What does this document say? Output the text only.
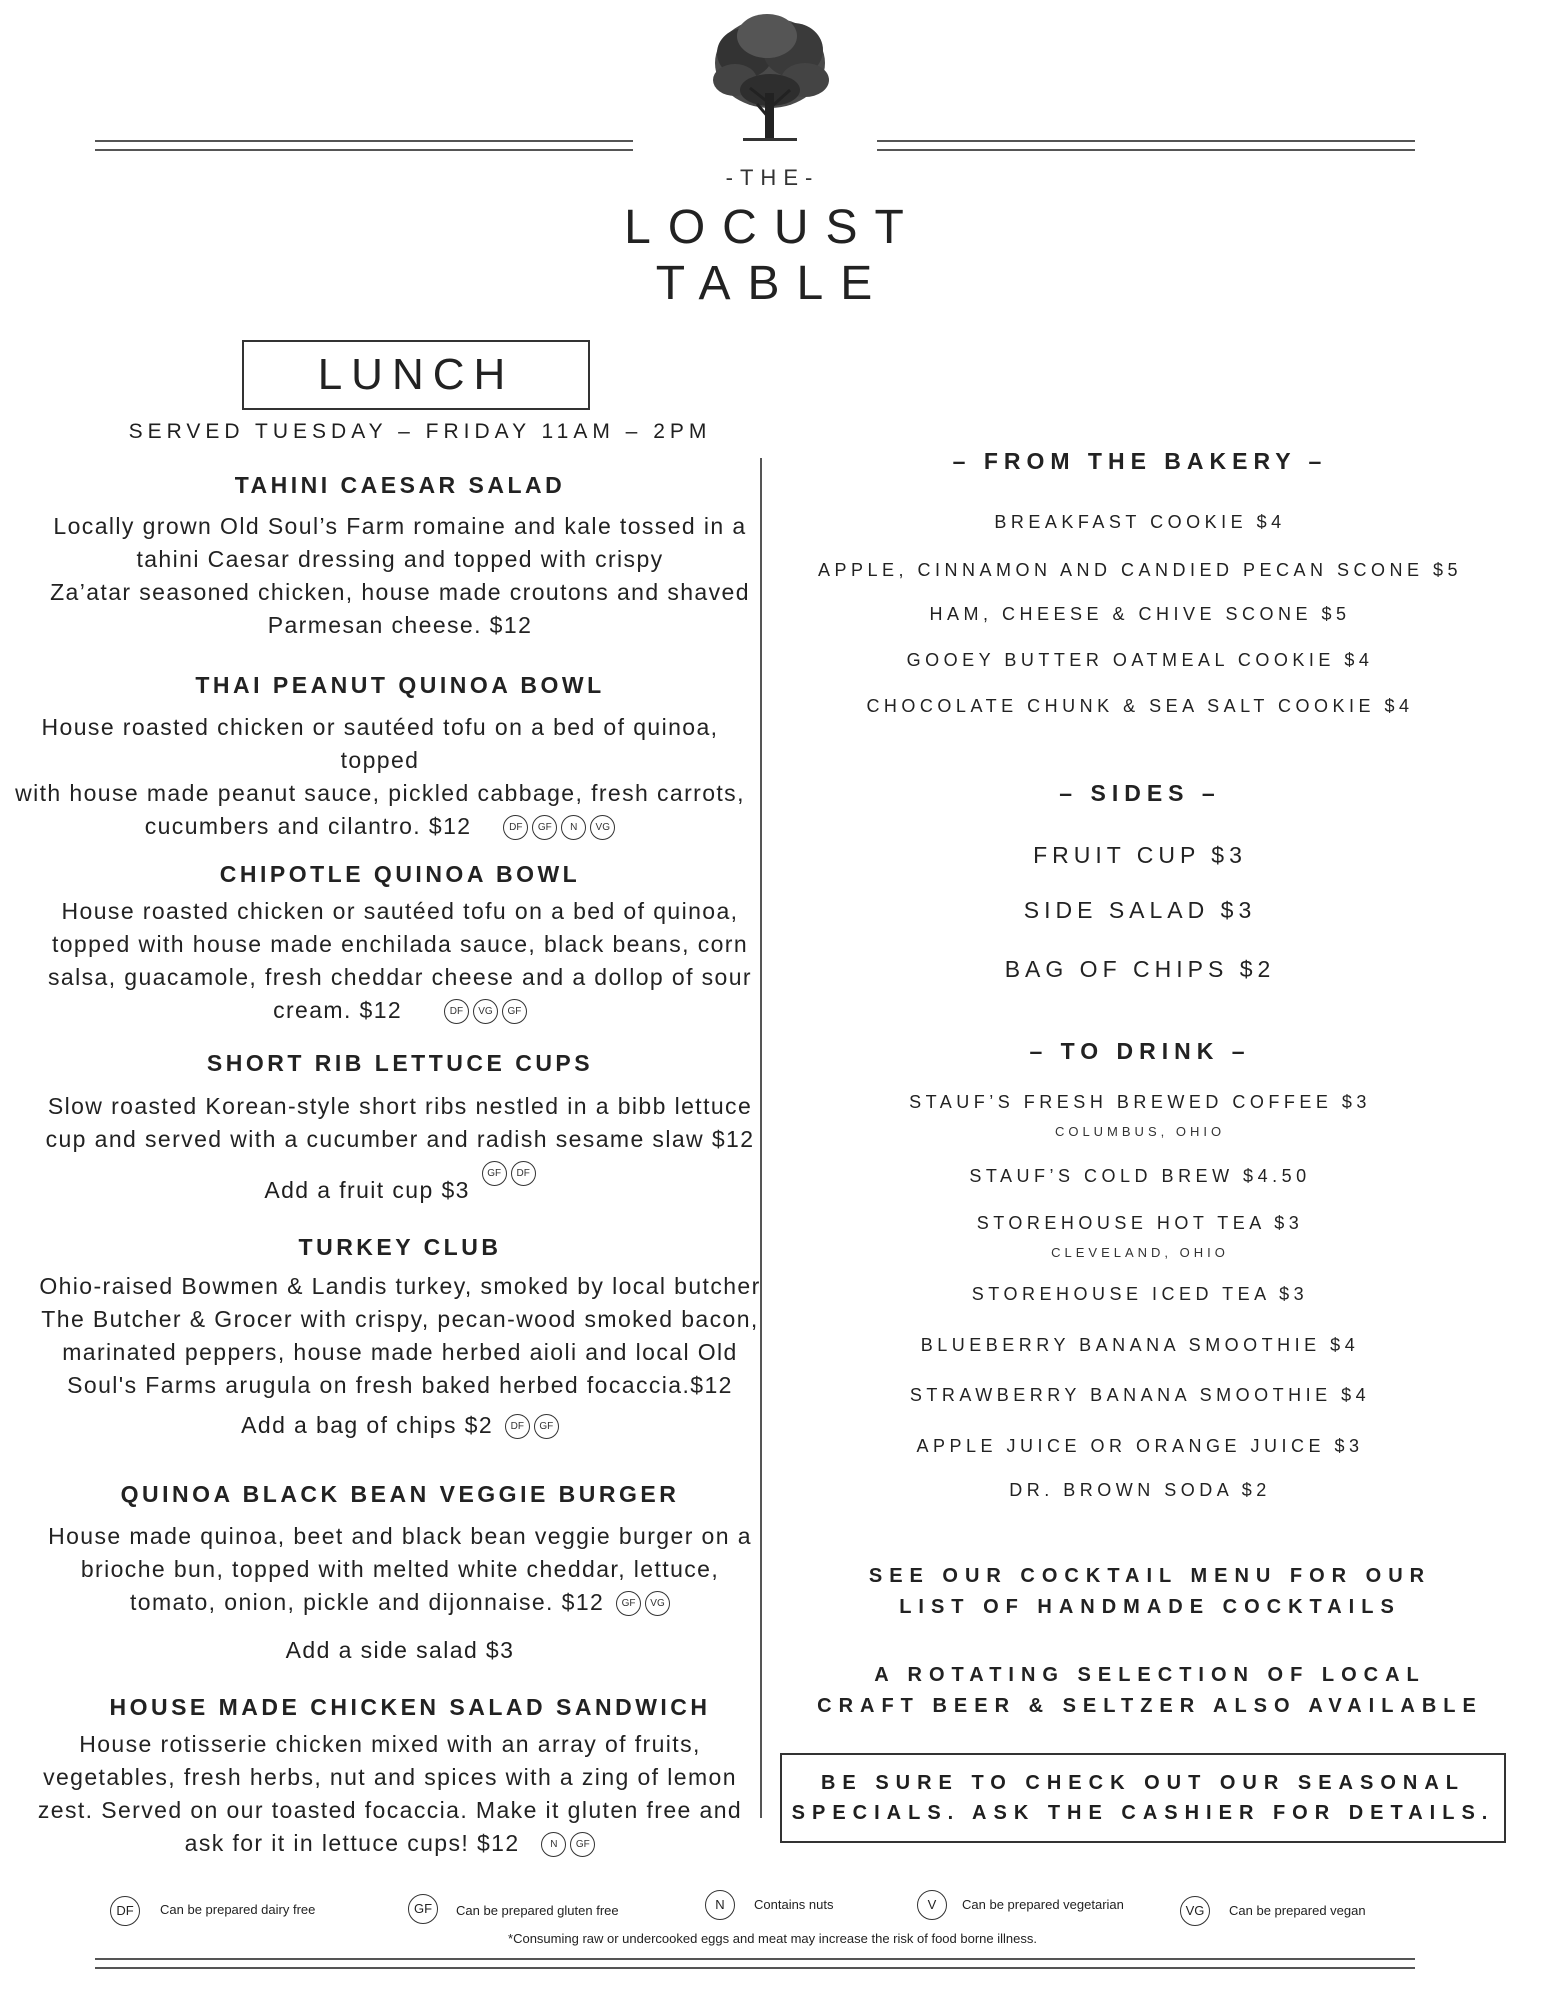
-THE-
LOCUST
TABLE
LUNCH
SERVED TUESDAY – FRIDAY 11AM – 2PM
TAHINI CAESAR SALAD
Locally grown Old Soul’s Farm romaine and kale tossed in a
tahini Caesar dressing and topped with crispy
Za’atar seasoned chicken, house made croutons and shaved
Parmesan cheese. $12
THAI PEANUT QUINOA BOWL
House roasted chicken or sautéed tofu on a bed of quinoa, topped
with house made peanut sauce, pickled cabbage, fresh carrots,
cucumbers and cilantro. $12	DF GF N VG
CHIPOTLE QUINOA BOWL
House roasted chicken or sautéed tofu on a bed of quinoa,
topped with house made enchilada sauce, black beans, corn
salsa, guacamole, fresh cheddar cheese and a dollop of sour
cream. $12	DF VG GF
SHORT RIB LETTUCE CUPS
Slow roasted Korean-style short ribs nestled in a bibb lettuce
cup and served with a cucumber and radish sesame slaw $12
Add a fruit cup $3 GF DF
TURKEY CLUB
Ohio-raised Bowmen & Landis turkey, smoked by local butcher
The Butcher & Grocer with crispy, pecan-wood smoked bacon,
marinated peppers, house made herbed aioli and local Old
Soul's Farms arugula on fresh baked herbed focaccia.$12
Add a bag of chips $2 DF GF
QUINOA BLACK BEAN VEGGIE BURGER
House made quinoa, beet and black bean veggie burger on a
brioche bun, topped with melted white cheddar, lettuce,
tomato, onion, pickle and dijonnaise. $12 GF VG
Add a side salad $3
HOUSE MADE CHICKEN SALAD SANDWICH
House rotisserie chicken mixed with an array of fruits,
vegetables, fresh herbs, nut and spices with a zing of lemon
zest. Served on our toasted focaccia. Make it gluten free and
ask for it in lettuce cups! $12	N GF
– FROM THE BAKERY –
BREAKFAST COOKIE $4
APPLE, CINNAMON AND CANDIED PECAN SCONE $5
HAM, CHEESE & CHIVE SCONE $5
GOOEY BUTTER OATMEAL COOKIE $4
CHOCOLATE CHUNK & SEA SALT COOKIE $4
– SIDES –
FRUIT CUP $3
SIDE SALAD $3
BAG OF CHIPS $2
– TO DRINK –
STAUF’S FRESH BREWED COFFEE $3
COLUMBUS, OHIO
STAUF’S COLD BREW $4.50
STOREHOUSE HOT TEA $3
CLEVELAND, OHIO
STOREHOUSE ICED TEA $3
BLUEBERRY BANANA SMOOTHIE $4
STRAWBERRY BANANA SMOOTHIE $4
APPLE JUICE OR ORANGE JUICE $3
DR. BROWN SODA $2
SEE OUR COCKTAIL MENU FOR OUR
LIST OF HANDMADE COCKTAILS
A ROTATING SELECTION OF LOCAL
CRAFT BEER & SELTZER ALSO AVAILABLE
BE SURE TO CHECK OUT OUR SEASONAL
SPECIALS. ASK THE CASHIER FOR DETAILS.
DF	Can be prepared dairy free	GF	Can be prepared gluten free	N	Contains nuts	V	Can be prepared vegetarian	VG	Can be prepared vegan
*Consuming raw or undercooked eggs and meat may increase the risk of food borne illness.
